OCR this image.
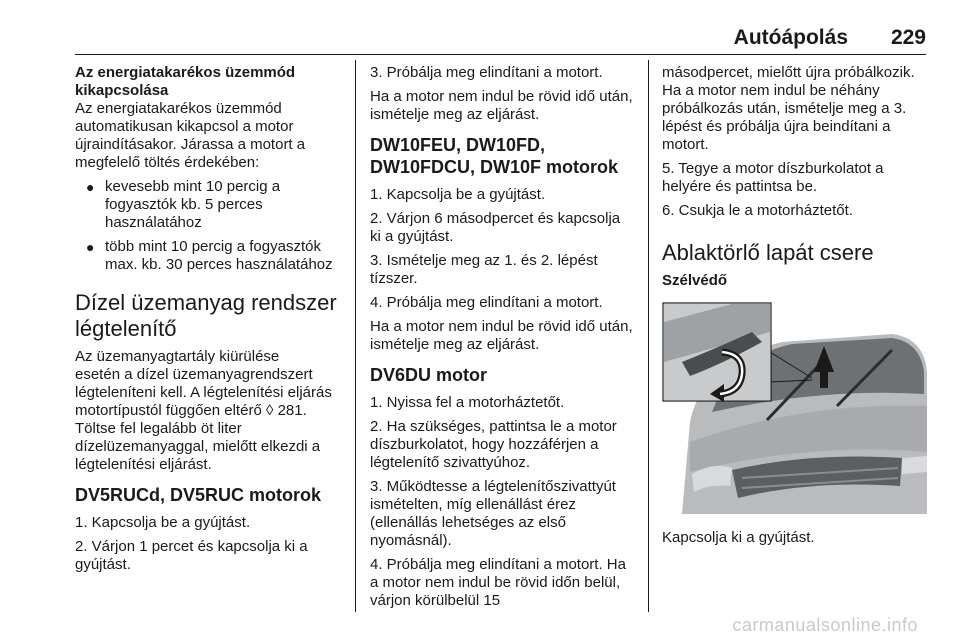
Autóápolás 229

Az energiatakarékos üzemmód kikapcsolása

Az energiatakarékos üzemmód automatikusan kikapcsol a motor újraindításakor. Járassa a motort a megfelelő töltés érdekében:

● kevesebb mint 10 percig a fogyasztók kb. 5 perces használatához
● több mint 10 percig a fogyasztók max. kb. 30 perces használatához
Dízel üzemanyag rendszer légtelenítő

Az üzemanyagtartály kiürülése

esetén a dízel üzemanyagrendszert légteleníteni kell. A légtelenítési eljárás motortípustól függően eltérő ◊ 281. Töltse fel legalább öt liter dízelüzemanyaggal, mielőtt elkezdi a légtelenítési eljárást.

DV5RUCd, DV5RUC motorok

1. Kapcsolja be a gyújtást.

2. Várjon 1 percet és kapcsolja ki a gyújtást.

3. Próbálja meg elindítani a motort.

Ha a motor nem indul be rövid idő után, ismételje meg az eljárást.

DW10FEU, DW10FD, DW10FDCU, DW10F motorok

1. Kapcsolja be a gyújtást.

2. Várjon 6 másodpercet és kapcsolja ki a gyújtást.

3. Ismételje meg az 1. és 2. lépést tízszer.

4. Próbálja meg elindítani a motort.

Ha a motor nem indul be rövid idő után, ismételje meg az eljárást.

DV6DU motor

1. Nyissa fel a motorháztetőt.

2. Ha szükséges, pattintsa le a motor díszburkolatot, hogy hozzáférjen a légtelenítő szivattyúhoz.

3. Működtesse a légtelenítőszivattyút ismételten, míg ellenállást érez (ellenállás lehetséges az első nyomásnál).

4. Próbálja meg elindítani a motort. Ha a motor nem indul be rövid időn belül, várjon körülbelül 15

másodpercet, mielőtt újra próbálkozik. Ha a motor nem indul be néhány próbálkozás után, ismételje meg a 3. lépést és próbálja újra beindítani a motort.

5. Tegye a motor díszburkolatot a helyére és pattintsa be.

6. Csukja le a motorháztetőt.

Ablaktörlő lapát csere

Szélvédő

Kapcsolja ki a gyújtást.

carmanualsonline.info
